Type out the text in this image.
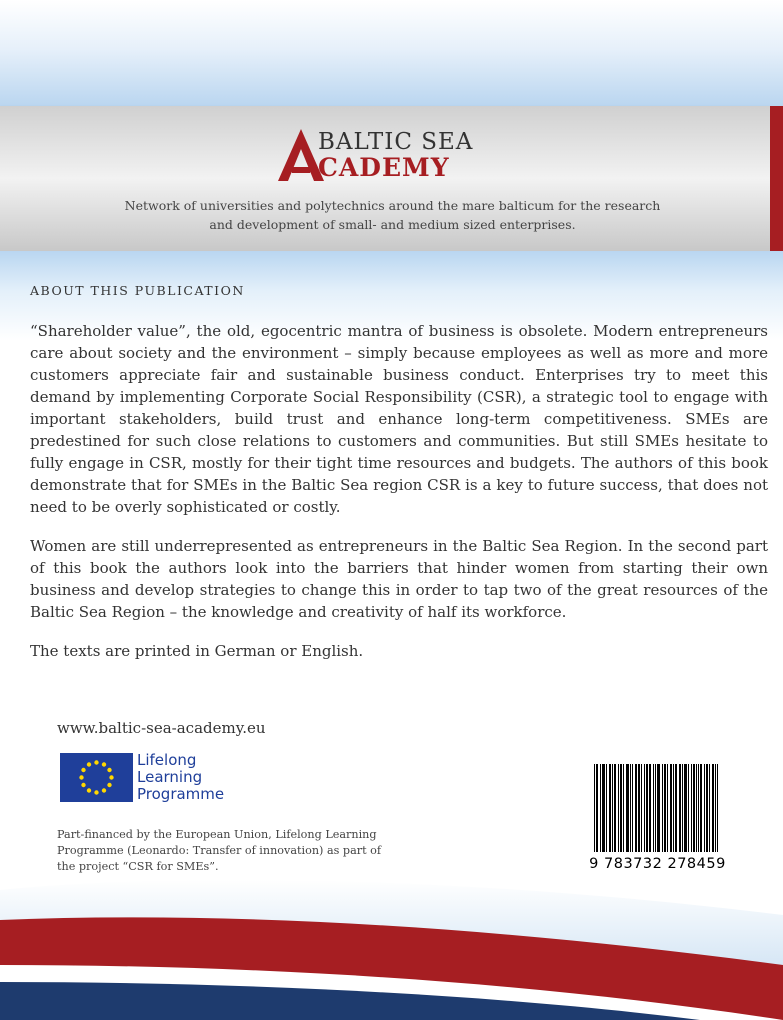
BALTIC SEA
CADEMY
Network of universities and polytechnics around the mare balticum for the research and development of small- and medium sized enterprises.
ABOUT THIS PUBLICATION

“Shareholder value”, the old, egocentric mantra of business is obsolete. Modern entrepreneurs care about society and the environment – simply because employees as well as more and more customers appreciate fair and sustainable business conduct. Enterprises try to meet this demand by implementing Corporate Social Responsibility (CSR), a strategic tool to engage with important stakeholders, build trust and enhance long-term competitiveness. SMEs are predestined for such close relations to customers and communities. But still SMEs hesitate to fully engage in CSR, mostly for their tight time resources and budgets. The authors of this book demonstrate that for SMEs in the Baltic Sea region CSR is a key to future success, that does not need to be overly sophisticated or costly.

Women are still underrepresented as entrepreneurs in the Baltic Sea Region. In the second part of this book the authors look into the barriers that hinder women from starting their own business and develop strategies to change this in order to tap two of the great resources of the Baltic Sea Region – the knowledge and creativity of half its workforce.

The texts are printed in German or English.

www.baltic-sea-academy.eu
Lifelong
Learning
Programme
Part-financed by the European Union, Lifelong Learning Programme (Leonardo: Transfer of innovation) as part of the project “CSR for SMEs”.	9 783732 278459
